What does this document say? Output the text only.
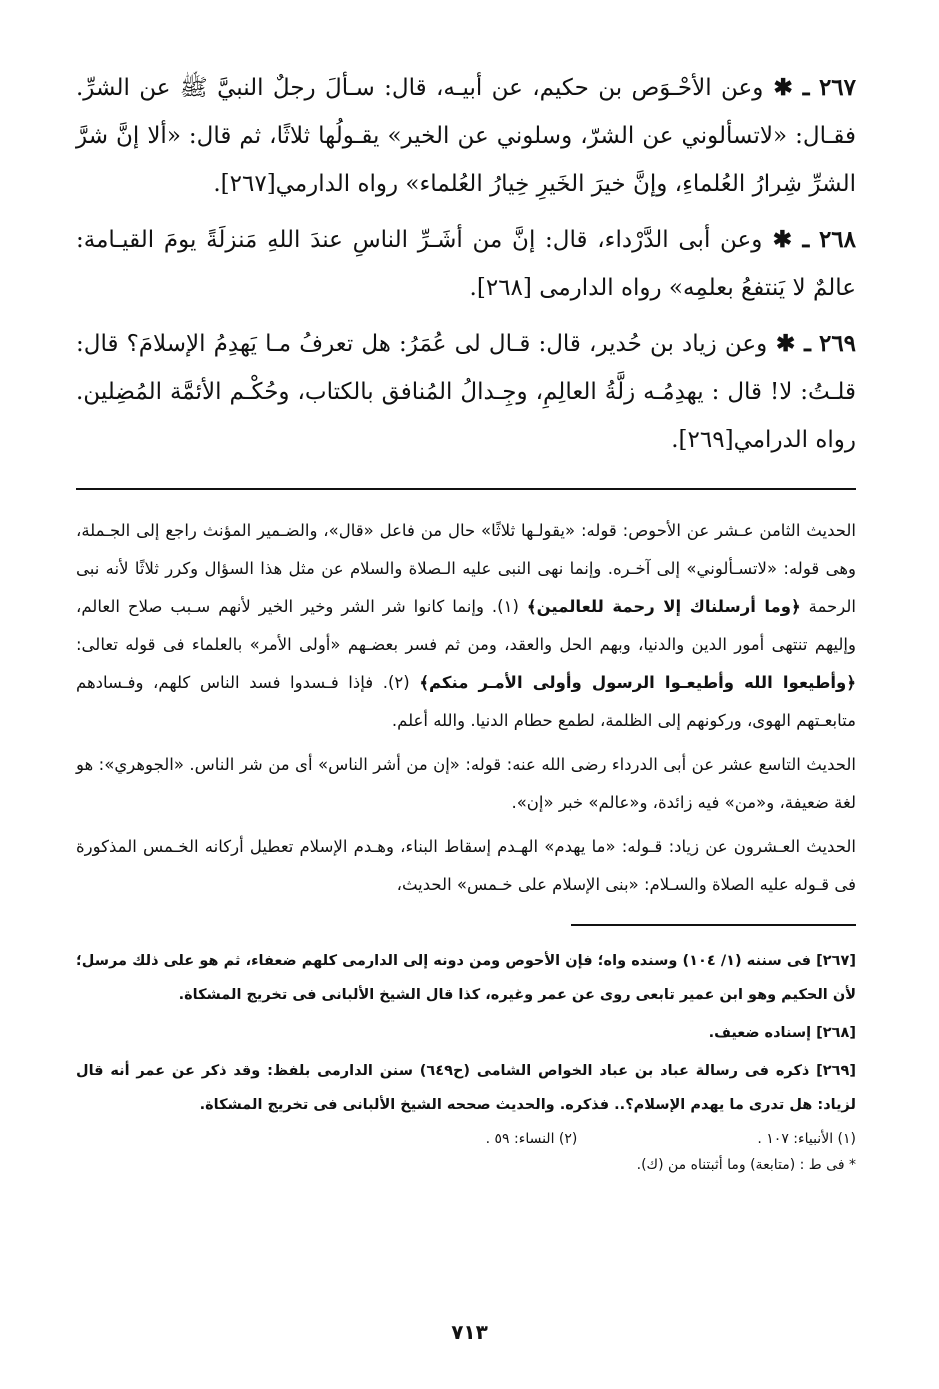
٢٦٧ ـ ✱ وعن الأحْـوَص بن حكيم، عن أبيـه، قال: سـألَ رجلٌ النبيَّ ﷺ عن الشرِّ. فقـال: «لاتسألوني عن الشرّ، وسلوني عن الخير» يقـولُها ثلاثًا، ثم قال: «ألا إنَّ شرَّ الشرِّ شِرارُ العُلماءِ، وإنَّ خيرَ الخَيرِ خِيارُ العُلماء» رواه الدارمي[٢٦٧].

٢٦٨ ـ ✱ وعن أبى الدَّرْداء، قال: إنَّ من أشَـرِّ الناسِ عندَ اللهِ مَنزلَةً يومَ القيـامة: عالمٌ لا يَنتفعُ بعلمِه» رواه الدارمى [٢٦٨].

٢٦٩ ـ ✱ وعن زياد بن حُدير، قال: قـال لى عُمَرُ: هل تعرفُ مـا يَهدِمُ الإسلامَ؟ قال: قلـتُ: لا! قال : يهدِمُـه زلَّةُ العالِمِ، وجِـدالُ المُنافق بالكتاب، وحُكْـم الأئمَّة المُضِلين. رواه الدرامي[٢٦٩].

الحديث الثامن عـشر عن الأحوص: قوله: «يقولـها ثلاثًا» حال من فاعل «قال»، والضـمير المؤنث راجع إلى الجـملة، وهى قوله: «لاتسـألوني» إلى آخـره. وإنما نهى النبى عليه الـصلاة والسلام عن مثل هذا السؤال وكرر ثلاثًا لأنه نبى الرحمة ﴿وما أرسلناك إلا رحمة للعالمين﴾ (١). وإنما كانوا شر الشر وخير الخير لأنهم سـبب صلاح العالم، وإليهم تنتهى أمور الدين والدنيا، وبهم الحل والعقد، ومن ثم فسر بعضـهم «أولى الأمر» بالعلماء فى قوله تعالى: ﴿وأطيعوا الله وأطيعـوا الرسول وأولى الأمـر منكم﴾ (٢). فإذا فـسدوا فسد الناس كلهم، وفـسادهم متابعـتهم الهوى، وركونهم إلى الظلمة، لطمع حطام الدنيا. والله أعلم.

الحديث التاسع عشر عن أبى الدرداء رضى الله عنه: قوله: «إن من أشر الناس» أى من شر الناس. «الجوهري»: هو لغة ضعيفة، و«من» فيه زائدة، و«عالم» خبر «إن».

الحديث العـشرون عن زياد: قـوله: «ما يهدم» الهـدم إسقاط البناء، وهـدم الإسلام تعطيل أركانه الخـمس المذكورة فى قـوله عليه الصلاة والسـلام: «بنى الإسلام على خـمس» الحديث،

[٢٦٧] فى سننه (١/ ١٠٤) وسنده واه؛ فإن الأحوص ومن دونه إلى الدارمى كلهم ضعفاء، ثم هو على ذلك مرسل؛ لأن الحكيم وهو ابن عمير تابعى روى عن عمر وغيره، كذا قال الشيخ الألبانى فى تخريج المشكاة.

[٢٦٨] إسناده ضعيف.

[٢٦٩] ذكره فى رسالة عباد بن عباد الخواص الشامى (ح٦٤٩) سنن الدارمى بلفظ: وقد ذكر عن عمر أنه قال لزياد: هل تدرى ما يهدم الإسلام؟.. فذكره. والحديث صححه الشيخ الألبانى فى تخريج المشكاة.

(١) الأنبياء: ١٠٧ .
(٢) النساء: ٥٩ .
* فى ط : (متابعة) وما أثبتناه من (ك).
٧١٣
